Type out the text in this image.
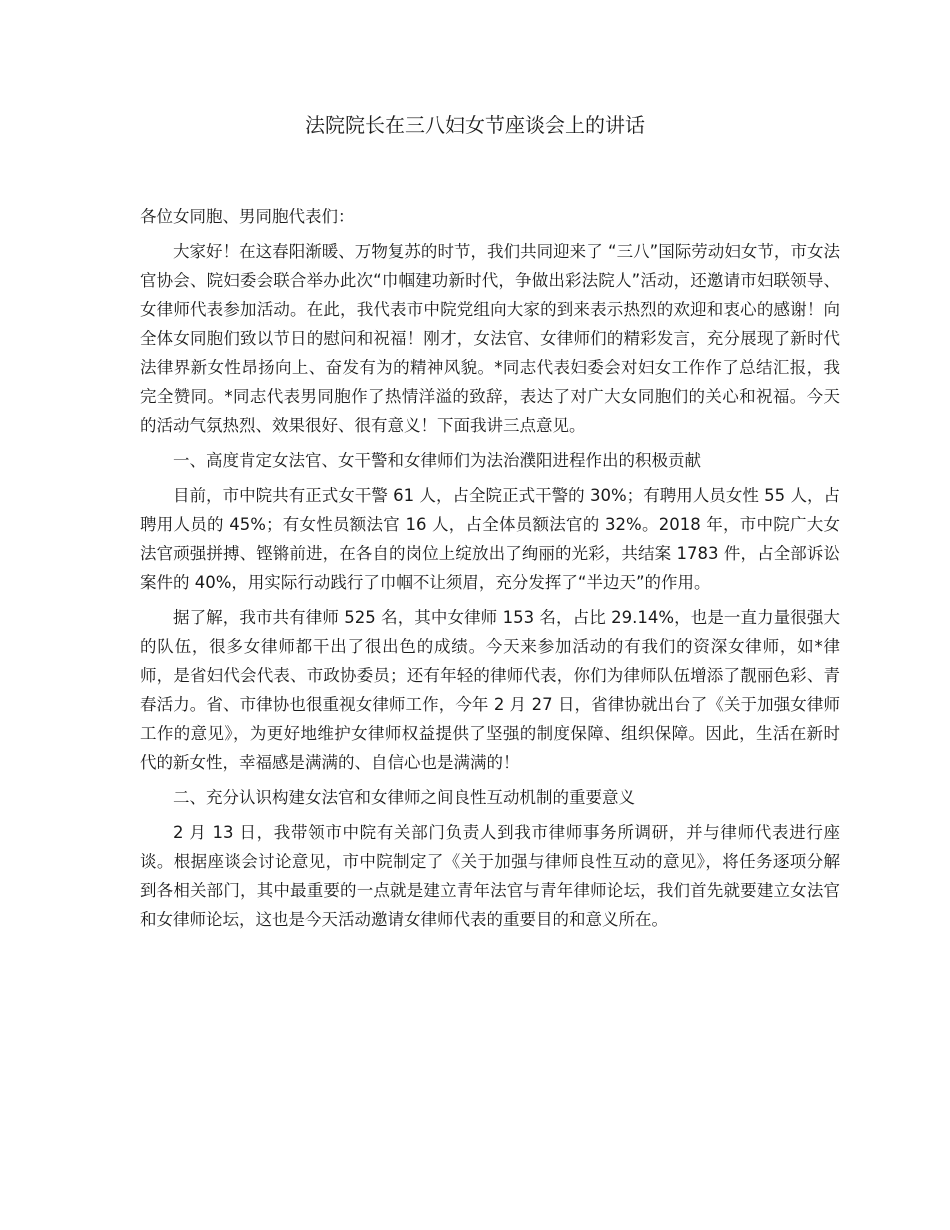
法院院长在三八妇女节座谈会上的讲话

各位女同胞、男同胞代表们：

大家好！在这春阳渐暖、万物复苏的时节，我们共同迎来了 “三八”国际劳动妇女节，市女法官协会、院妇委会联合举办此次“巾帼建功新时代，争做出彩法院人”活动，还邀请市妇联领导、女律师代表参加活动。在此，我代表市中院党组向大家的到来表示热烈的欢迎和衷心的感谢！向全体女同胞们致以节日的慰问和祝福！刚才，女法官、女律师们的精彩发言，充分展现了新时代法律界新女性昂扬向上、奋发有为的精神风貌。*同志代表妇委会对妇女工作作了总结汇报，我完全赞同。*同志代表男同胞作了热情洋溢的致辞，表达了对广大女同胞们的关心和祝福。今天的活动气氛热烈、效果很好、很有意义！下面我讲三点意见。

一、高度肯定女法官、女干警和女律师们为法治濮阳进程作出的积极贡献

目前，市中院共有正式女干警 61 人，占全院正式干警的 30%；有聘用人员女性 55 人，占聘用人员的 45%；有女性员额法官 16 人，占全体员额法官的 32%。2018 年，市中院广大女法官顽强拼搏、铿锵前进，在各自的岗位上绽放出了绚丽的光彩，共结案 1783 件，占全部诉讼案件的 40%，用实际行动践行了巾帼不让须眉，充分发挥了“半边天”的作用。

据了解，我市共有律师 525 名，其中女律师 153 名，占比 29.14%，也是一直力量很强大的队伍，很多女律师都干出了很出色的成绩。今天来参加活动的有我们的资深女律师，如*律师，是省妇代会代表、市政协委员；还有年轻的律师代表，你们为律师队伍增添了靓丽色彩、青春活力。省、市律协也很重视女律师工作，今年 2 月 27 日，省律协就出台了《关于加强女律师工作的意见》，为更好地维护女律师权益提供了坚强的制度保障、组织保障。因此，生活在新时代的新女性，幸福感是满满的、自信心也是满满的！

二、充分认识构建女法官和女律师之间良性互动机制的重要意义

2 月 13 日，我带领市中院有关部门负责人到我市律师事务所调研，并与律师代表进行座谈。根据座谈会讨论意见，市中院制定了《关于加强与律师良性互动的意见》，将任务逐项分解到各相关部门，其中最重要的一点就是建立青年法官与青年律师论坛，我们首先就要建立女法官和女律师论坛，这也是今天活动邀请女律师代表的重要目的和意义所在。
